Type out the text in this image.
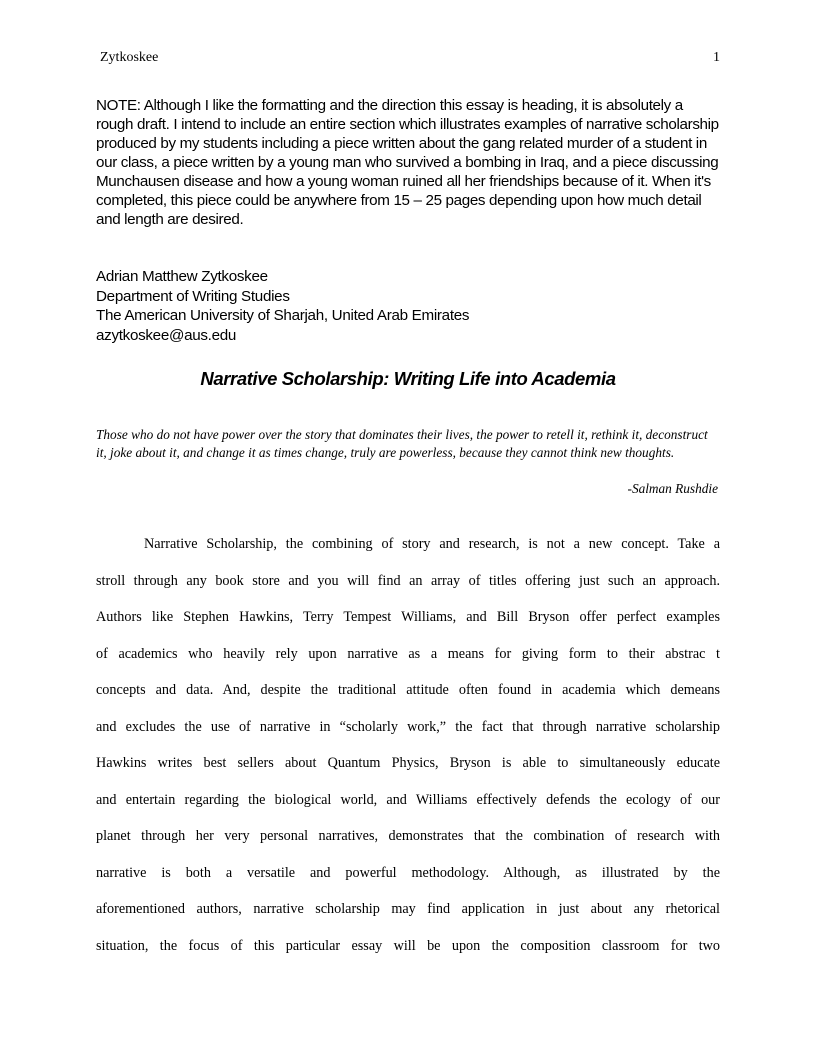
Zytkoskee	1
NOTE: Although I like the formatting and the direction this essay is heading, it is absolutely a rough draft. I intend to include an entire section which illustrates examples of narrative scholarship produced by my students including a piece written about the gang related murder of a student in our class, a piece written by a young man who survived a bombing in Iraq, and a piece discussing Munchausen disease and how a young woman ruined all her friendships because of it. When it's completed, this piece could be anywhere from 15 – 25 pages depending upon how much detail and length are desired.
Adrian Matthew Zytkoskee
Department of Writing Studies
The American University of Sharjah, United Arab Emirates
azytkoskee@aus.edu
Narrative Scholarship: Writing Life into Academia
Those who do not have power over the story that dominates their lives, the power to retell it, rethink it, deconstruct it, joke about it, and change it as times change, truly are powerless, because they cannot think new thoughts.
-Salman Rushdie
Narrative Scholarship, the combining of story and research, is not a new concept. Take a
stroll through any book store and you will find an array of titles offering just such an approach.
Authors like Stephen Hawkins, Terry Tempest Williams, and Bill Bryson offer perfect examples
of academics who heavily rely upon narrative as a means for giving form to their abstrac t
concepts and data. And, despite the traditional attitude often found in academia which demeans
and excludes the use of narrative in “scholarly work,” the fact that through narrative scholarship
Hawkins writes best sellers about Quantum Physics, Bryson is able to simultaneously educate
and entertain regarding the biological world, and Williams effectively defends the ecology of our
planet through her very personal narratives, demonstrates that the combination of research with
narrative is both a versatile and powerful methodology. Although, as illustrated by the
aforementioned authors, narrative scholarship may find application in just about any rhetorical
situation, the focus of this particular essay will be upon the composition classroom for two
